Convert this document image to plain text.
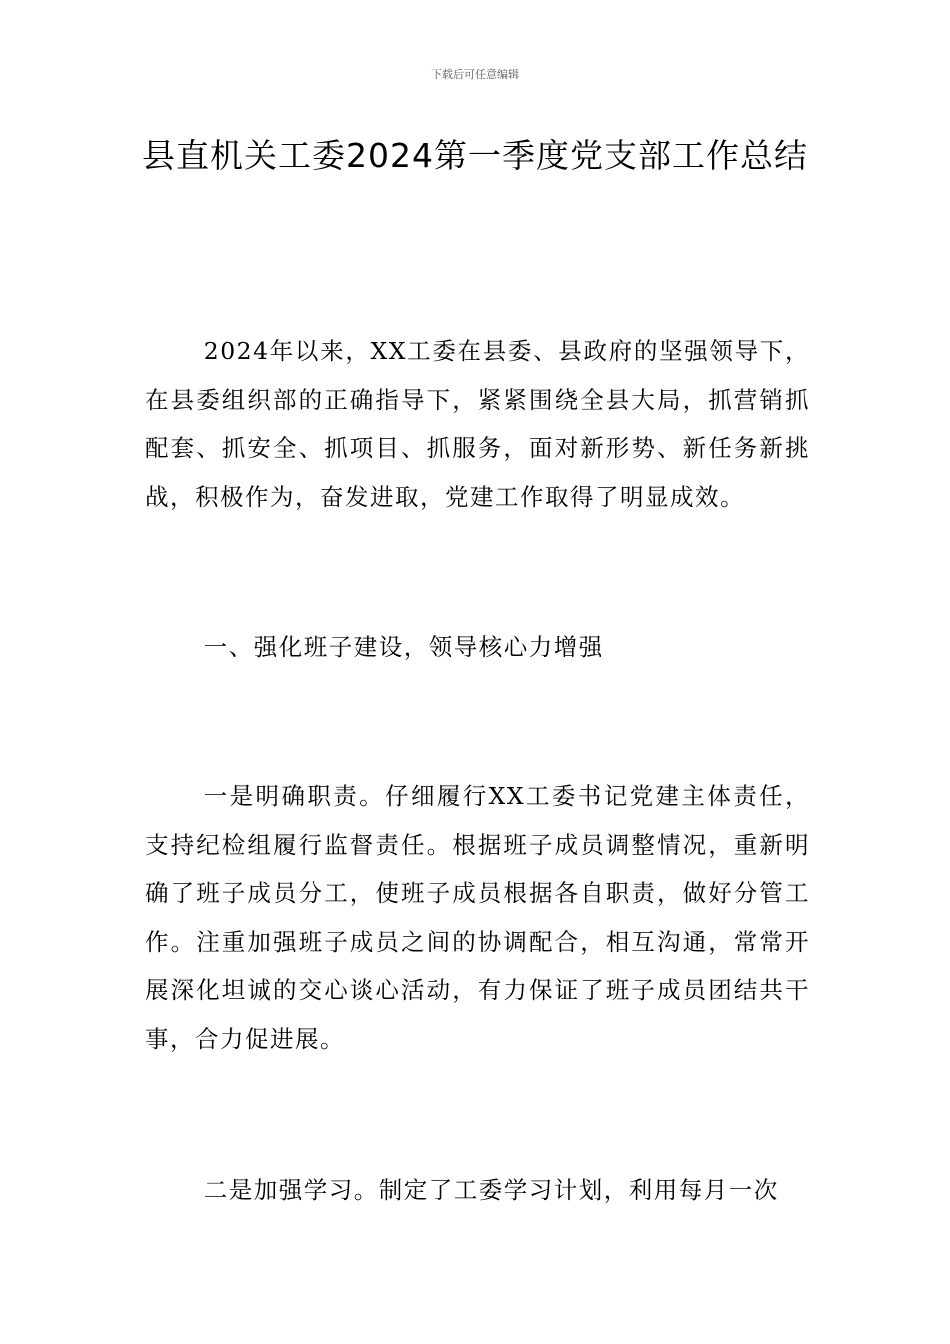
下载后可任意编辑
县直机关工委2024第一季度党支部工作总结

2024年以来，XX工委在县委、县政府的坚强领导下，在县委组织部的正确指导下，紧紧围绕全县大局，抓营销抓配套、抓安全、抓项目、抓服务，面对新形势、新任务新挑战，积极作为，奋发进取，党建工作取得了明显成效。

一、强化班子建设，领导核心力增强

一是明确职责。仔细履行XX工委书记党建主体责任，支持纪检组履行监督责任。根据班子成员调整情况，重新明确了班子成员分工，使班子成员根据各自职责，做好分管工作。注重加强班子成员之间的协调配合，相互沟通，常常开展深化坦诚的交心谈心活动，有力保证了班子成员团结共干事，合力促进展。

二是加强学习。制定了工委学习计划，利用每月一次
